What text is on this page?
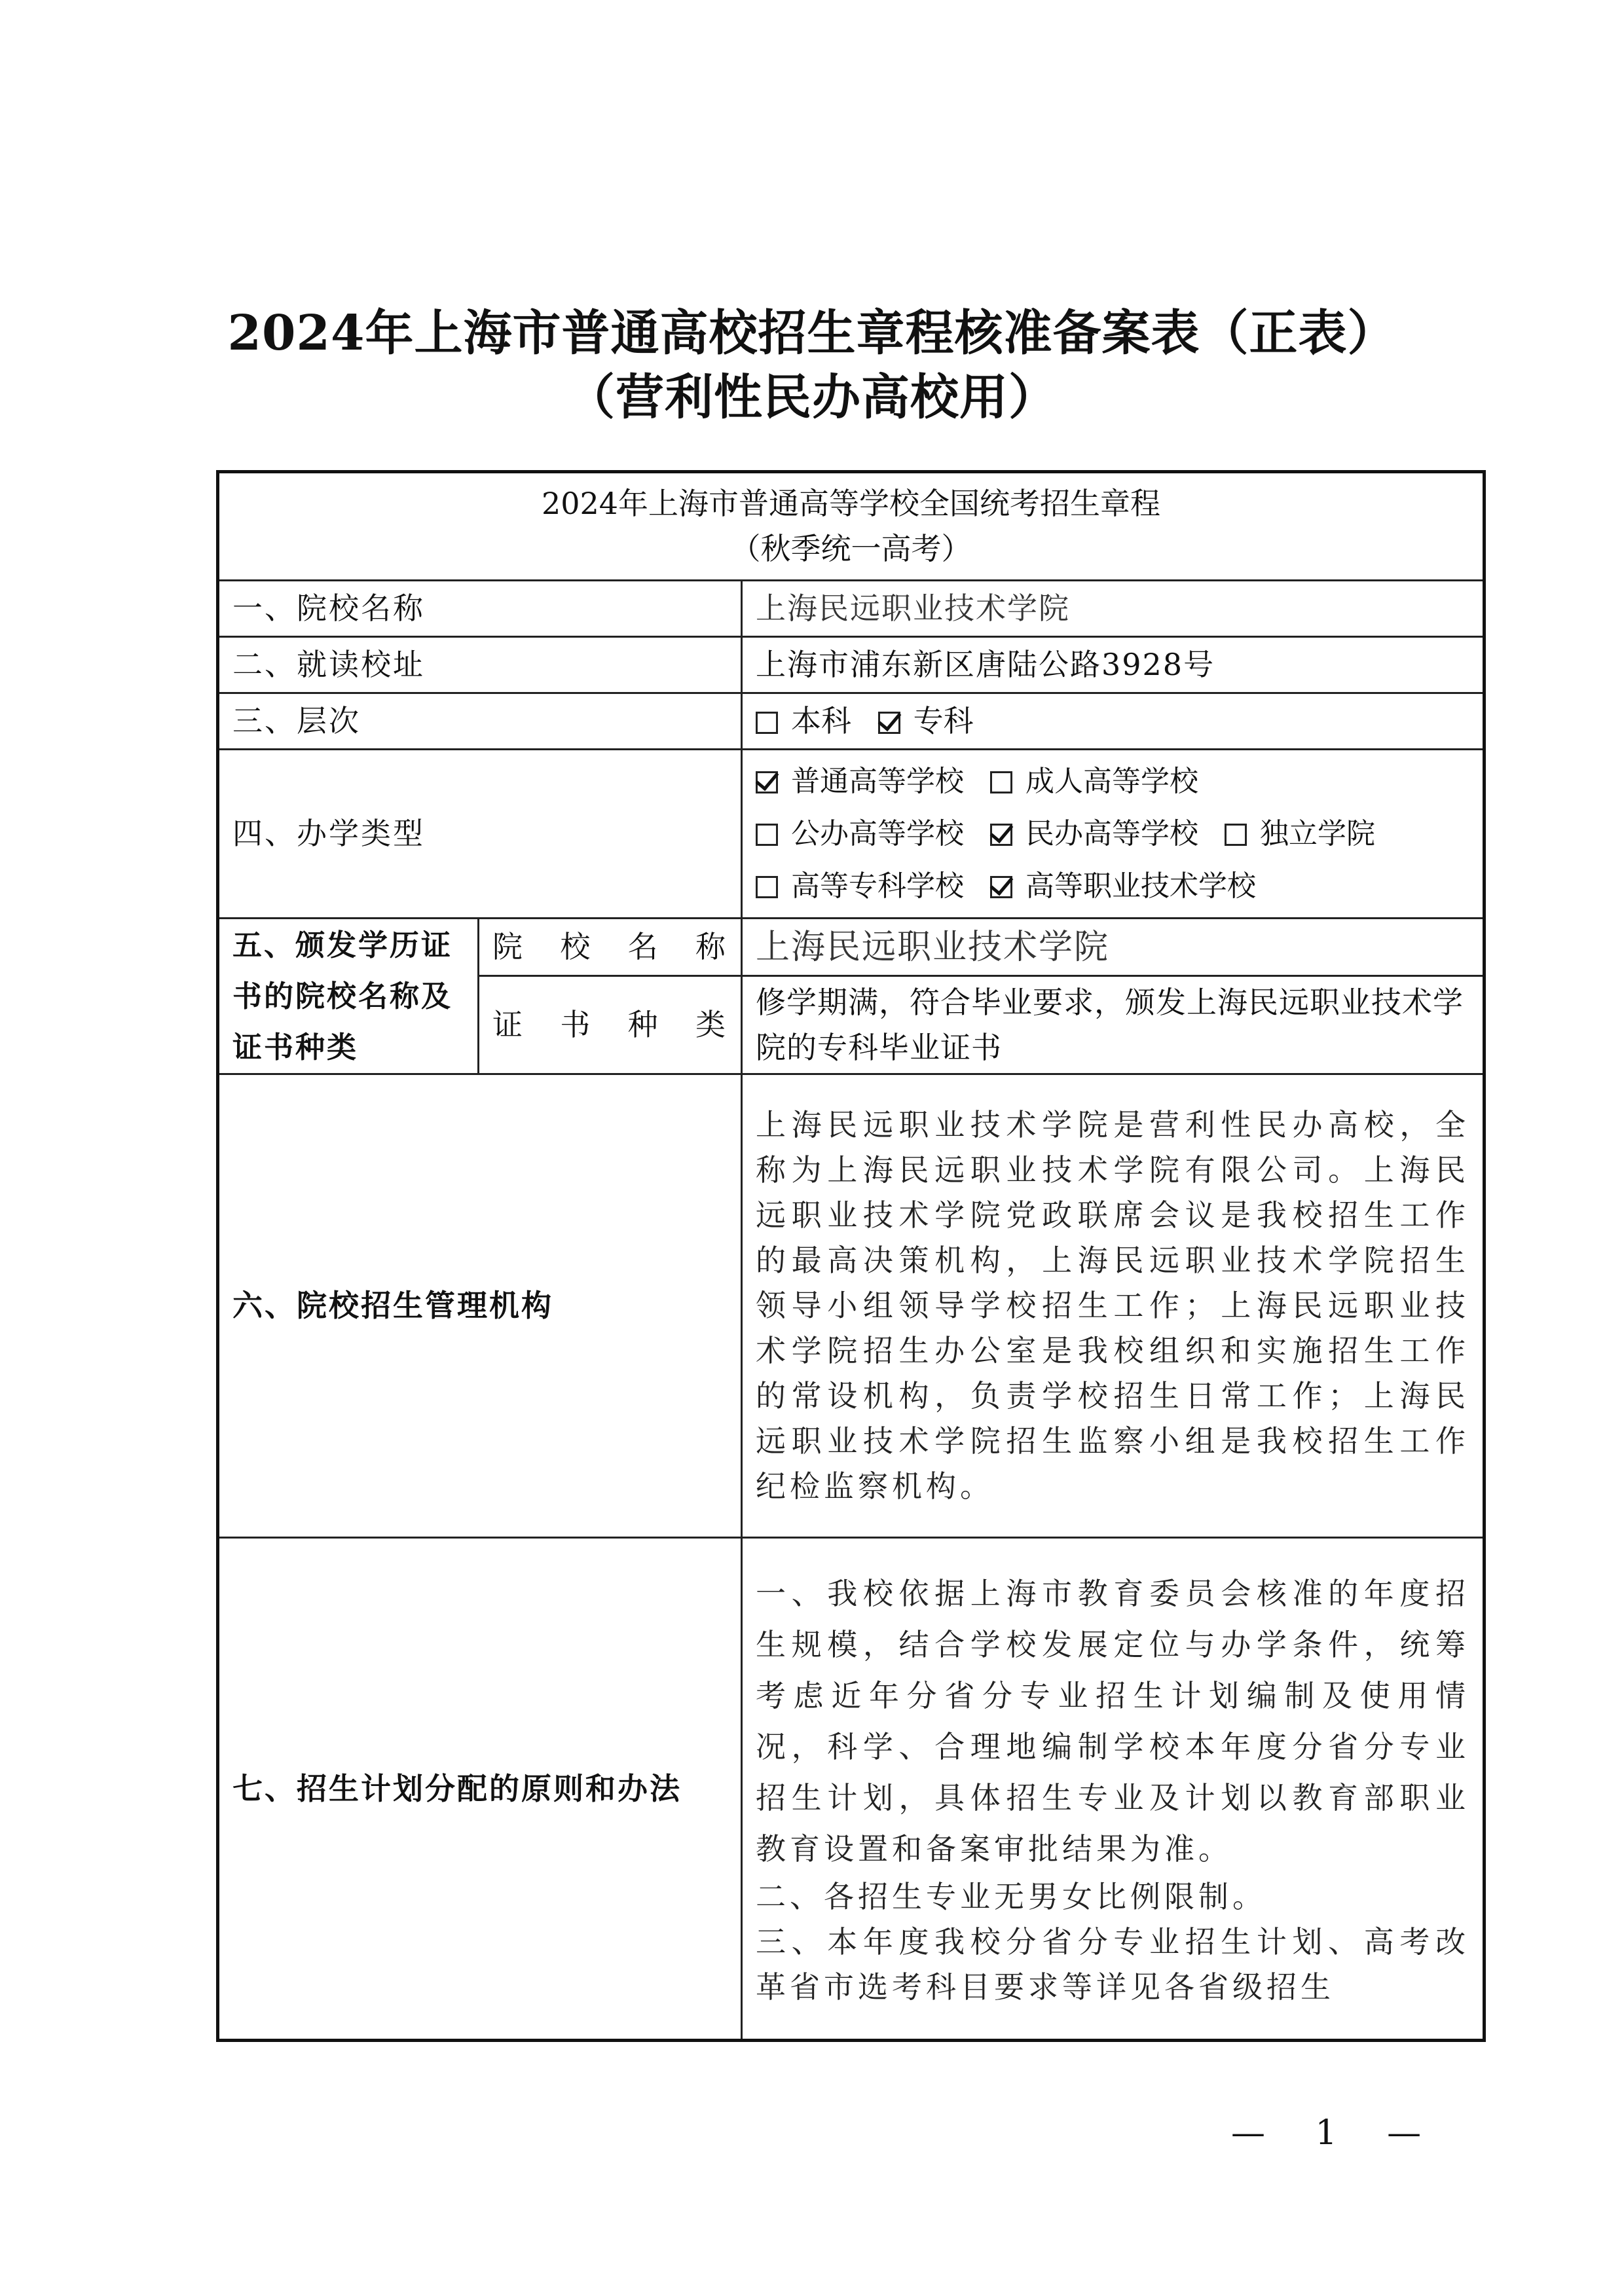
2024年上海市普通高校招生章程核准备案表（正表）
（营利性民办高校用）
2024年上海市普通高等学校全国统考招生章程
（秋季统一高考）		

一、院校名称		上海民远职业技术学院
二、就读校址		上海市浦东新区唐陆公路3928号
三、层次		本科 专科
四、办学类型		普通高等学校 成人高等学校
公办高等学校 民办高等学校 独立学院
高等专科学校 高等职业技术学校

五、颁发学历证书的院校名称及证书种类	院 校 名 称	上海民远职业技术学院

	证 书 种 类	修学期满，符合毕业要求，颁发上海民远职业技术学院的专科毕业证书
六、院校招生管理机构		上海民远职业技术学院是营利性民办高校，全称为上海民远职业技术学院有限公司。上海民远职业技术学院党政联席会议是我校招生工作的最高决策机构，上海民远职业技术学院招生领导小组领导学校招生工作；上海民远职业技术学院招生办公室是我校组织和实施招生工作的常设机构，负责学校招生日常工作；上海民远职业技术学院招生监察小组是我校招生工作纪检监察机构。
七、招生计划分配的原则和办法		一、我校依据上海市教育委员会核准的年度招生规模，结合学校发展定位与办学条件，统筹考虑近年分省分专业招生计划编制及使用情况，科学、合理地编制学校本年度分省分专业招生计划，具体招生专业及计划以教育部职业教育设置和备案审批结果为准。
二、各招生专业无男女比例限制。
三、本年度我校分省分专业招生计划、高考改革省市选考科目要求等详见各省级招生
— 1 —
